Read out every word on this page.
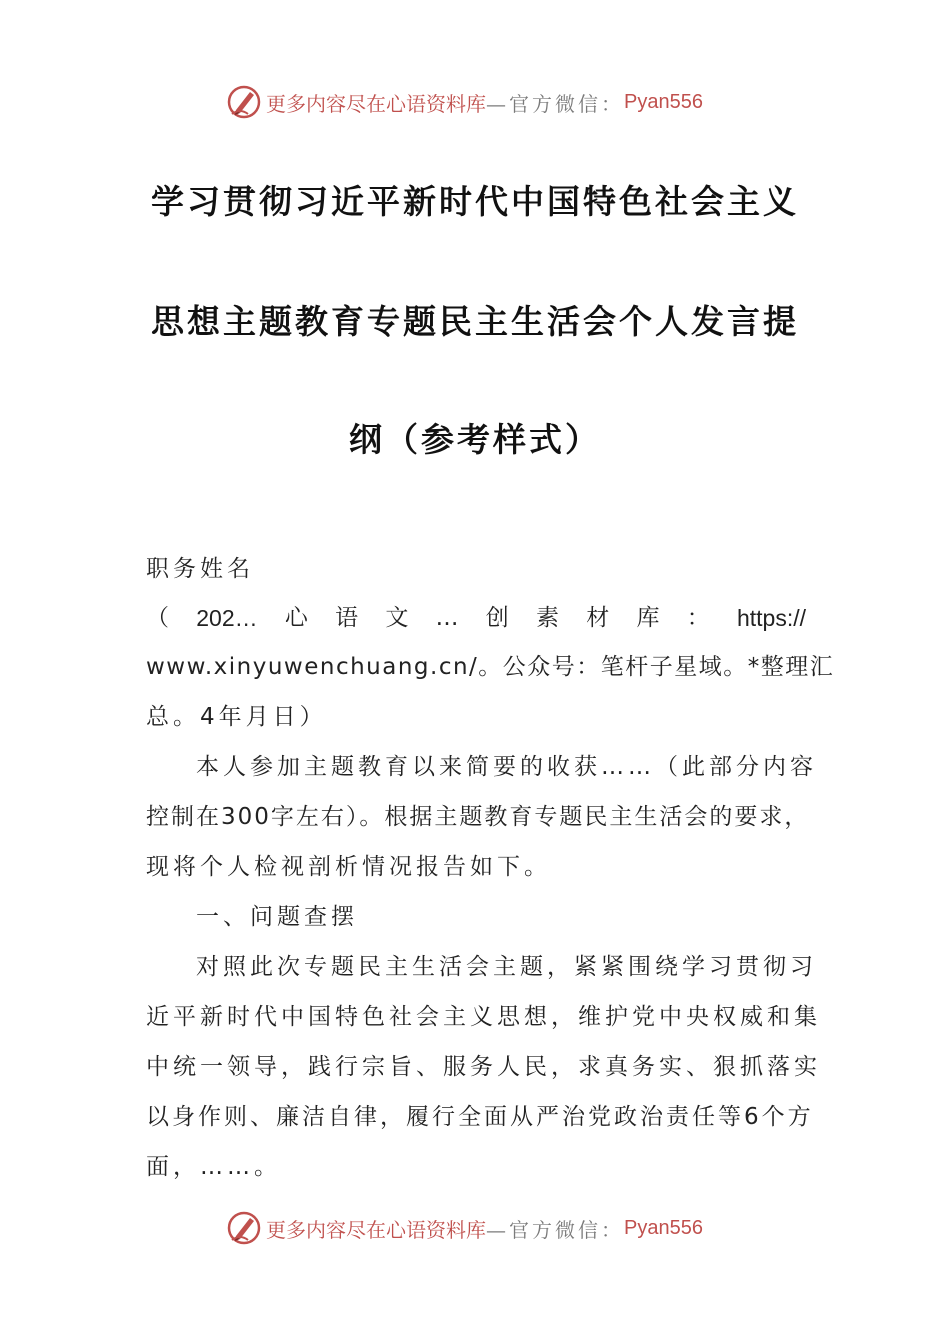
更多内容尽在心语资料库 —官方微信： Pyan556
学习贯彻习近平新时代中国特色社会主义
思想主题教育专题民主生活会个人发言提
纲（参考样式）
职务姓名
（ 202… 心 语 文 … 创 素 材 库 ： https://
www.xinyuwenchuang.cn/。公众号：笔杆子星域。*整理汇
总。4年月日）
本人参加主题教育以来简要的收获……（此部分内容
控制在300字左右）。根据主题教育专题民主生活会的要求，
现将个人检视剖析情况报告如下。
一、问题查摆
对照此次专题民主生活会主题，紧紧围绕学习贯彻习
近平新时代中国特色社会主义思想，维护党中央权威和集
中统一领导，践行宗旨、服务人民，求真务实、狠抓落实
以身作则、廉洁自律，履行全面从严治党政治责任等6个方
面，……。
更多内容尽在心语资料库 —官方微信： Pyan556
